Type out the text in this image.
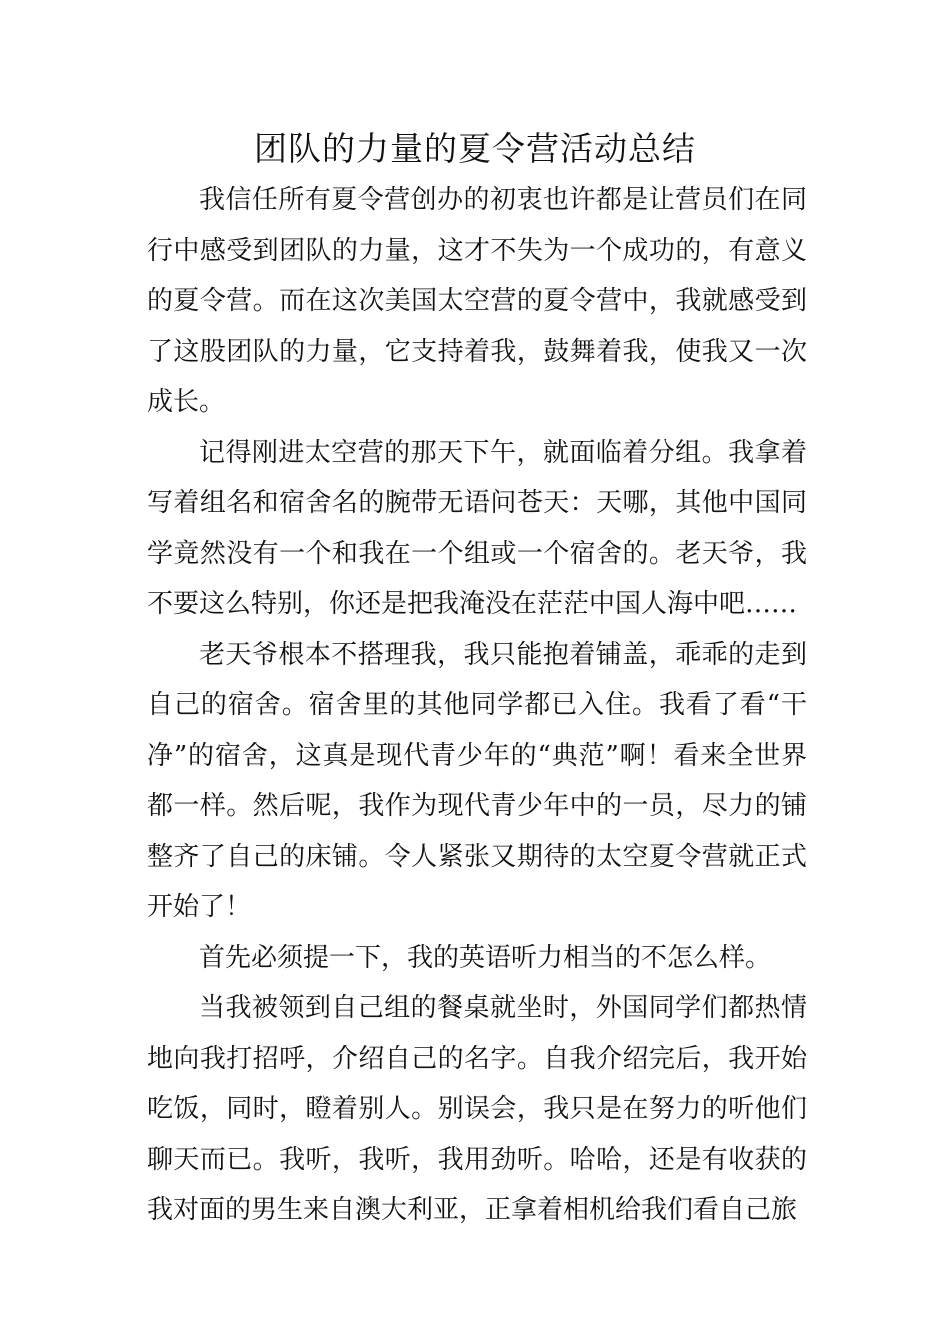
团队的力量的夏令营活动总结

我信任所有夏令营创办的初衷也许都是让营员们在同行中感受到团队的力量，这才不失为一个成功的，有意义的夏令营。而在这次美国太空营的夏令营中，我就感受到了这股团队的力量，它支持着我，鼓舞着我，使我又一次成长。

记得刚进太空营的那天下午，就面临着分组。我拿着写着组名和宿舍名的腕带无语问苍天：天哪，其他中国同学竟然没有一个和我在一个组或一个宿舍的。老天爷，我不要这么特别，你还是把我淹没在茫茫中国人海中吧……

老天爷根本不搭理我，我只能抱着铺盖，乖乖的走到自己的宿舍。宿舍里的其他同学都已入住。我看了看“干净”的宿舍，这真是现代青少年的“典范”啊！看来全世界都一样。然后呢，我作为现代青少年中的一员，尽力的铺整齐了自己的床铺。令人紧张又期待的太空夏令营就正式开始了！

首先必须提一下，我的英语听力相当的不怎么样。

当我被领到自己组的餐桌就坐时，外国同学们都热情地向我打招呼，介绍自己的名字。自我介绍完后，我开始吃饭，同时，瞪着别人。别误会，我只是在努力的听他们聊天而已。我听，我听，我用劲听。哈哈，还是有收获的我对面的男生来自澳大利亚，正拿着相机给我们看自己旅
